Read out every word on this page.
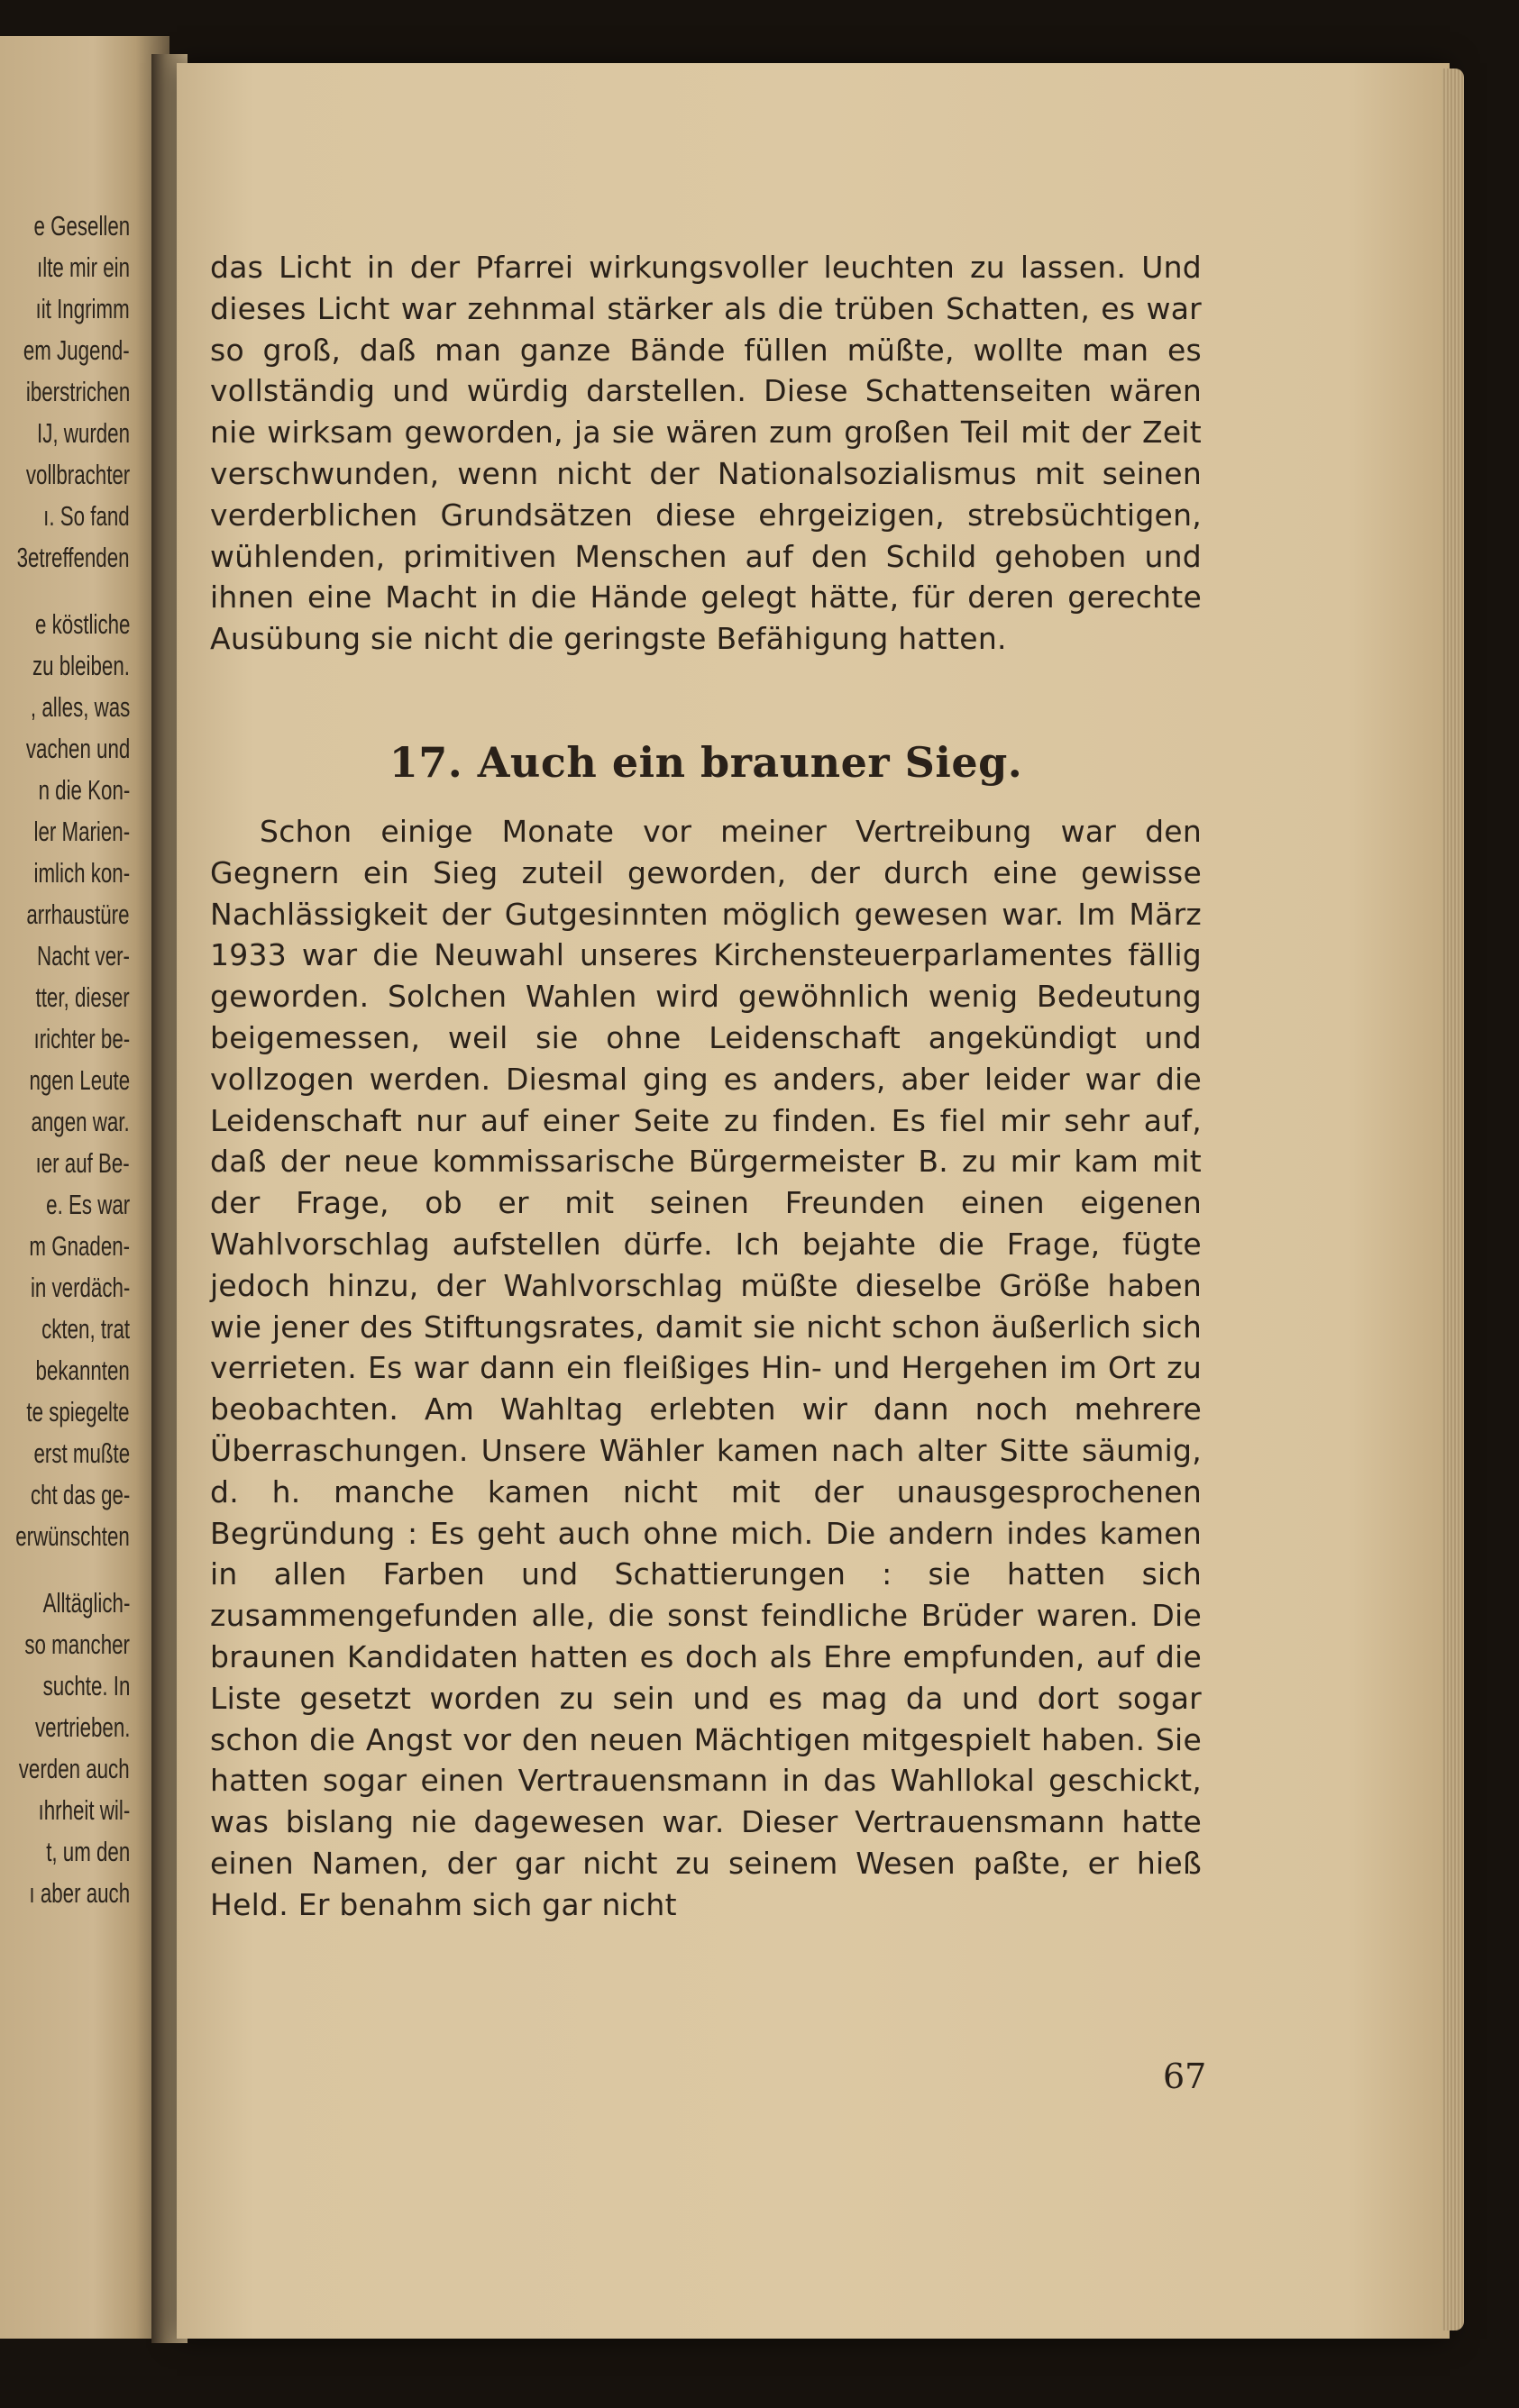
e Gesellen
ılte mir ein
ıit Ingrimm
em Jugend-
iberstrichen
IJ, wurden
vollbrachter
ı. So fand
3etreffenden
e köstliche
zu bleiben.
, alles, was
vachen und
n die Kon-
ler Marien-
imlich kon-
arrhaustüre
Nacht ver-
tter, dieser
ırichter be-
ngen Leute
angen war.
ıer auf Be-
e. Es war
m Gnaden-
in verdäch-
ckten, trat
bekannten
te spiegelte
erst mußte
cht das ge-
erwünschten
Alltäglich-
so mancher
suchte. In
vertrieben.
verden auch
ıhrheit wil-
t, um den
ı aber auch

das Licht in der Pfarrei wirkungsvoller leuchten zu lassen. Und dieses Licht war zehnmal stärker als die trüben Schatten, es war so groß, daß man ganze Bände füllen müßte, wollte man es vollständig und würdig darstellen. Diese Schattenseiten wären nie wirksam geworden, ja sie wären zum großen Teil mit der Zeit verschwunden, wenn nicht der Nationalsozialismus mit seinen verderblichen Grundsätzen diese ehrgeizigen, strebsüchtigen, wühlenden, primitiven Menschen auf den Schild gehoben und ihnen eine Macht in die Hände gelegt hätte, für deren gerechte Ausübung sie nicht die geringste Befähigung hatten.

17. Auch ein brauner Sieg.

Schon einige Monate vor meiner Vertreibung war den Gegnern ein Sieg zuteil geworden, der durch eine gewisse Nachlässigkeit der Gutgesinnten möglich gewesen war. Im März 1933 war die Neuwahl unseres Kirchensteuerparlamentes fällig geworden. Solchen Wahlen wird gewöhnlich wenig Bedeutung beigemessen, weil sie ohne Leidenschaft angekündigt und vollzogen werden. Diesmal ging es anders, aber leider war die Leidenschaft nur auf einer Seite zu finden. Es fiel mir sehr auf, daß der neue kommissarische Bürgermeister B. zu mir kam mit der Frage, ob er mit seinen Freunden einen eigenen Wahlvorschlag aufstellen dürfe. Ich bejahte die Frage, fügte jedoch hinzu, der Wahlvorschlag müßte dieselbe Größe haben wie jener des Stiftungsrates, damit sie nicht schon äußerlich sich verrieten. Es war dann ein fleißiges Hin- und Hergehen im Ort zu beobachten. Am Wahltag erlebten wir dann noch mehrere Überraschungen. Unsere Wähler kamen nach alter Sitte säumig, d. h. manche kamen nicht mit der unausgesprochenen Begründung : Es geht auch ohne mich. Die andern indes kamen in allen Farben und Schattierungen : sie hatten sich zusammengefunden alle, die sonst feindliche Brüder waren. Die braunen Kandidaten hatten es doch als Ehre empfunden, auf die Liste gesetzt worden zu sein und es mag da und dort sogar schon die Angst vor den neuen Mächtigen mitgespielt haben. Sie hatten sogar einen Vertrauensmann in das Wahllokal geschickt, was bislang nie dagewesen war. Dieser Vertrauensmann hatte einen Namen, der gar nicht zu seinem Wesen paßte, er hieß Held. Er benahm sich gar nicht

67
